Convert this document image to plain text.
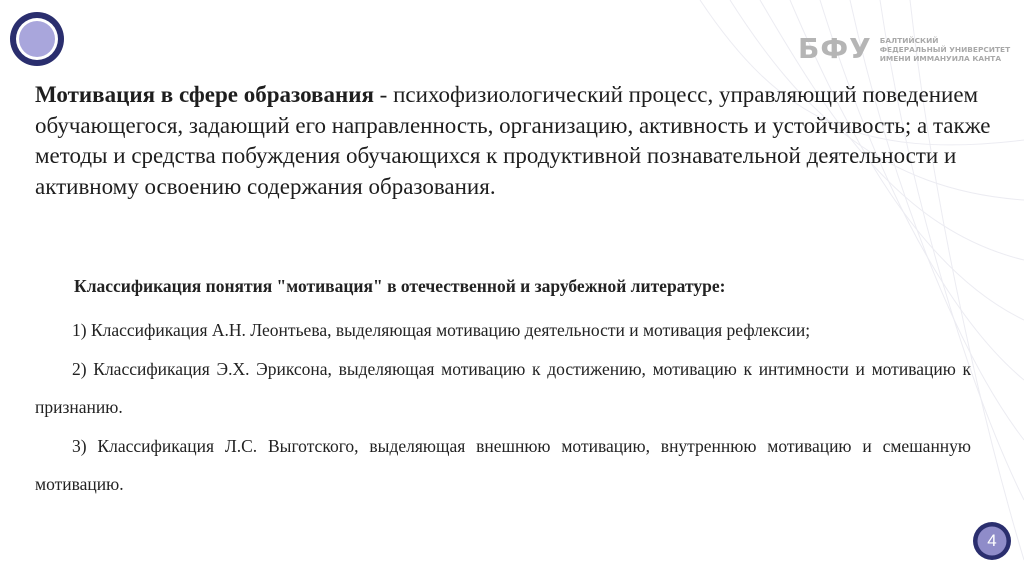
БФУ БАЛТИЙСКИЙ
ФЕДЕРАЛЬНЫЙ УНИВЕРСИТЕТ
ИМЕНИ ИММАНУИЛА КАНТА
Мотивация в сфере образования - психофизиологический процесс, управляющий поведением обучающегося, задающий его направленность, организацию, активность и устойчивость; а также методы и средства побуждения обучающихся к продуктивной познавательной деятельности и активному освоению содержания образования.
Классификация понятия "мотивация" в отечественной и зарубежной литературе:
1) Классификация А.Н. Леонтьева, выделяющая мотивацию деятельности и мотивация рефлексии;
2) Классификация Э.Х. Эриксона, выделяющая мотивацию к достижению, мотивацию к интимности и мотивацию к признанию.
3) Классификация Л.С. Выготского, выделяющая внешнюю мотивацию, внутреннюю мотивацию и смешанную мотивацию.
4
